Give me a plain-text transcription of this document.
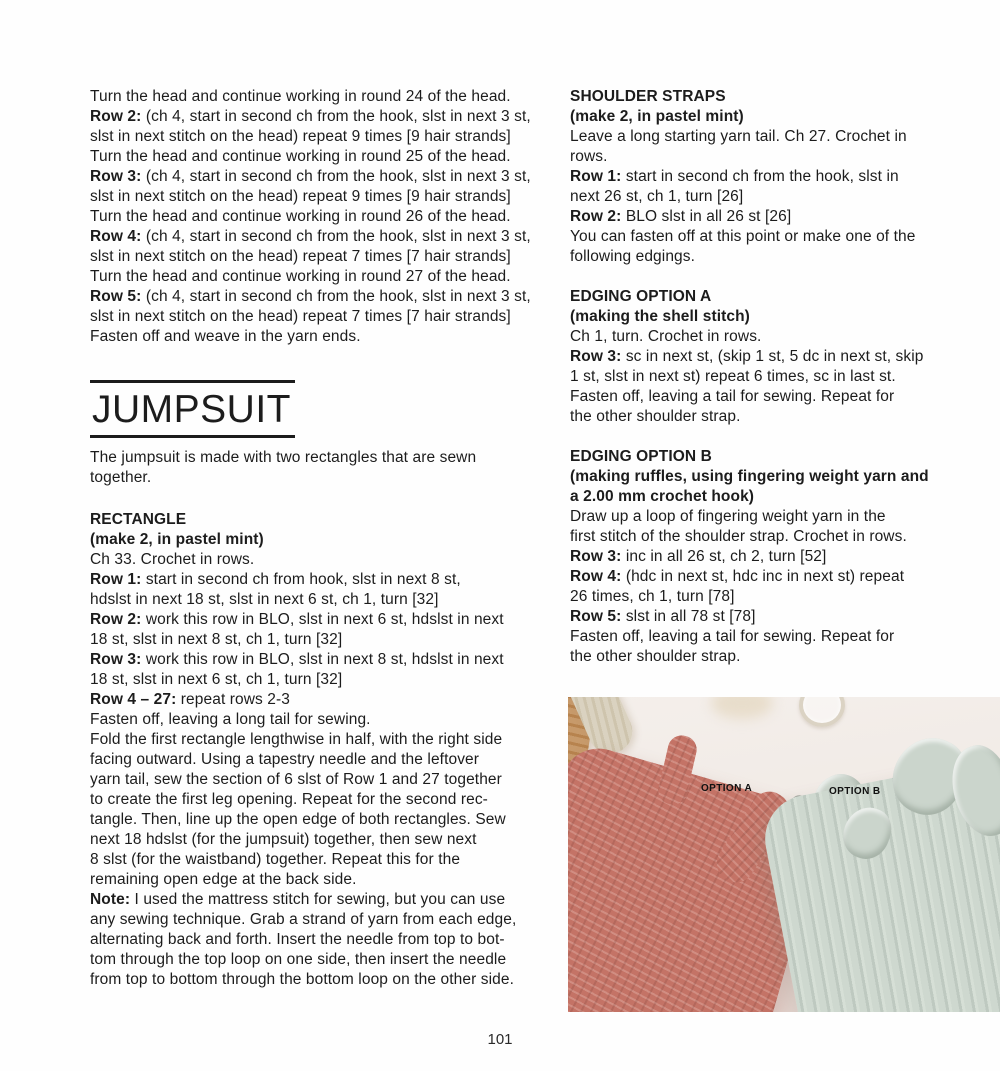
Turn the head and continue working in round 24 of the head.
Row 2: (ch 4, start in second ch from the hook, slst in next 3 st,
slst in next stitch on the head) repeat 9 times [9 hair strands]
Turn the head and continue working in round 25 of the head.
Row 3: (ch 4, start in second ch from the hook, slst in next 3 st,
slst in next stitch on the head) repeat 9 times [9 hair strands]
Turn the head and continue working in round 26 of the head.
Row 4: (ch 4, start in second ch from the hook, slst in next 3 st,
slst in next stitch on the head) repeat 7 times [7 hair strands]
Turn the head and continue working in round 27 of the head.
Row 5: (ch 4, start in second ch from the hook, slst in next 3 st,
slst in next stitch on the head) repeat 7 times [7 hair strands]
Fasten off and weave in the yarn ends.
JUMPSUIT
The jumpsuit is made with two rectangles that are sewn
together.
RECTANGLE
(make 2, in pastel mint)
Ch 33. Crochet in rows.
Row 1: start in second ch from hook, slst in next 8 st,
hdslst in next 18 st, slst in next 6 st, ch 1, turn [32]
Row 2: work this row in BLO, slst in next 6 st, hdslst in next
18 st, slst in next 8 st, ch 1, turn [32]
Row 3: work this row in BLO, slst in next 8 st, hdslst in next
18 st, slst in next 6 st, ch 1, turn [32]
Row 4 – 27: repeat rows 2-3
Fasten off, leaving a long tail for sewing.
Fold the first rectangle lengthwise in half, with the right side
facing outward. Using a tapestry needle and the leftover
yarn tail, sew the section of 6 slst of Row 1 and 27 together
to create the first leg opening. Repeat for the second rec-
tangle. Then, line up the open edge of both rectangles. Sew
next 18 hdslst (for the jumpsuit) together, then sew next
8 slst (for the waistband) together. Repeat this for the
remaining open edge at the back side.
Note: I used the mattress stitch for sewing, but you can use
any sewing technique. Grab a strand of yarn from each edge,
alternating back and forth. Insert the needle from top to bot-
tom through the top loop on one side, then insert the needle
from top to bottom through the bottom loop on the other side.
SHOULDER STRAPS
(make 2, in pastel mint)
Leave a long starting yarn tail. Ch 27. Crochet in
rows.
Row 1: start in second ch from the hook, slst in
next 26 st, ch 1, turn [26]
Row 2: BLO slst in all 26 st [26]
You can fasten off at this point or make one of the
following edgings.
EDGING OPTION A
(making the shell stitch)
Ch 1, turn. Crochet in rows.
Row 3: sc in next st, (skip 1 st, 5 dc in next st, skip
1 st, slst in next st) repeat 6 times, sc in last st.
Fasten off, leaving a tail for sewing. Repeat for
the other shoulder strap.
EDGING OPTION B
(making ruffles, using fingering weight yarn and
a 2.00 mm crochet hook)
Draw up a loop of fingering weight yarn in the
first stitch of the shoulder strap. Crochet in rows.
Row 3: inc in all 26 st, ch 2, turn [52]
Row 4: (hdc in next st, hdc inc in next st) repeat
26 times, ch 1, turn [78]
Row 5: slst in all 78 st [78]
Fasten off, leaving a tail for sewing. Repeat for
the other shoulder strap.
OPTION A	OPTION B
101
